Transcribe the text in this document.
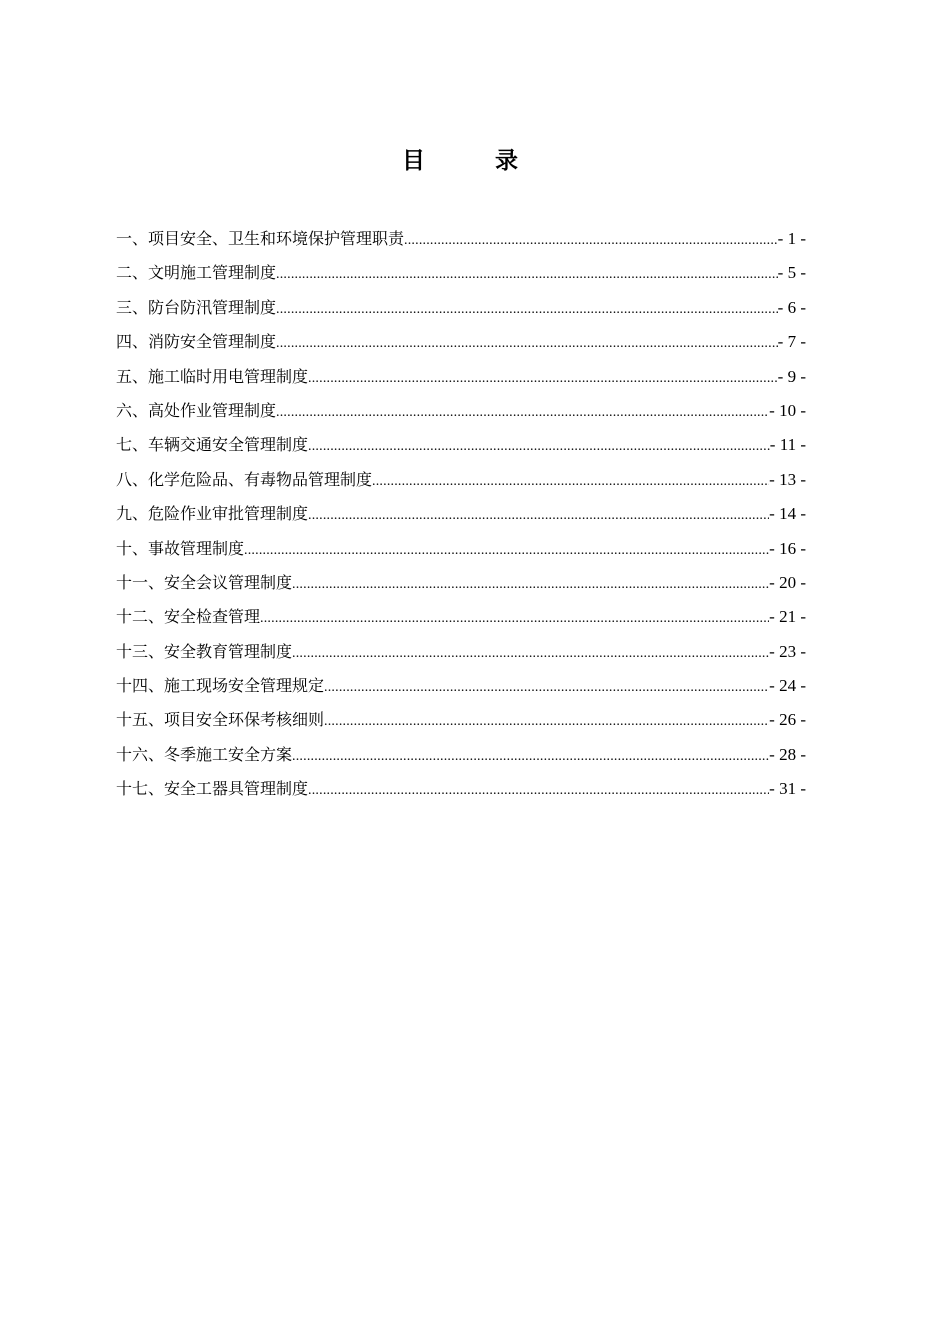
目录
一、项目安全、卫生和环境保护管理职责 .....	- 1 -
二、文明施工管理制度 .....	- 5 -
三、防台防汛管理制度 .....	- 6 -
四、消防安全管理制度 .....	- 7 -
五、施工临时用电管理制度 .....	- 9 -
六、高处作业管理制度 .....	- 10 -
七、车辆交通安全管理制度 .....	- 11 -
八、化学危险品、有毒物品管理制度 .....	- 13 -
九、危险作业审批管理制度 .....	- 14 -
十、事故管理制度 .....	- 16 -
十一、安全会议管理制度 .....	- 20 -
十二、安全检查管理 .....	- 21 -
十三、安全教育管理制度 .....	- 23 -
十四、施工现场安全管理规定 .....	- 24 -
十五、项目安全环保考核细则 .....	- 26 -
十六、冬季施工安全方案 .....	- 28 -
十七、安全工器具管理制度 .....	- 31 -
